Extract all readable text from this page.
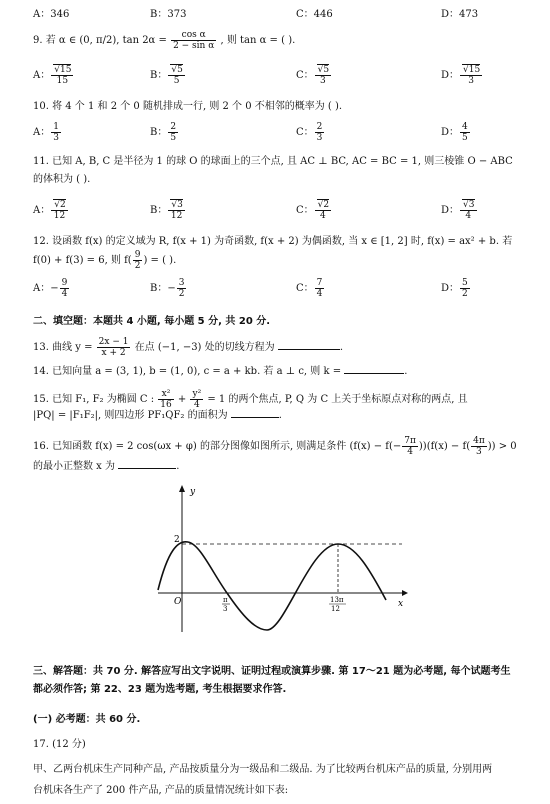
A：346	B：373	C：446	D：473
9. 若 α ∈ (0, π/2), $\tan 2\alpha = \frac{\text{cos α}}{\text{2 − sin α}}$ , 则 tan α = ( ).
A： $\frac{√15}{15}$	B： $\frac{√5}{5}$	C： $\frac{√5}{3}$	D： $\frac{√15}{3}$
10. 将 4 个 1 和 2 个 0 随机排成一行, 则 2 个 0 不相邻的概率为 ( ).
A： $\frac{1}{3}$	B： $\frac{2}{5}$	C： $\frac{2}{3}$	D： $\frac{4}{5}$
11. 已知 A, B, C 是半径为 1 的球 O 的球面上的三个点, 且 AC ⊥ BC, AC = BC = 1, 则三棱锥 O − ABC
的体积为 ( ).
A： $\frac{√2}{12}$	B： $\frac{√3}{12}$	C： $\frac{√2}{4}$	D： $\frac{√3}{4}$
12. 设函数 f(x) 的定义域为 R, f(x + 1) 为奇函数, f(x + 2) 为偶函数, 当 x ∈ [1, 2] 时, f(x) = ax² + b. 若
f(0) + f(3) = 6, 则 $f( \frac{9}{2}$ ) = ( ).
A：− $\frac{9}{4}$	B：− $\frac{3}{2}$	C： $\frac{7}{4}$	D： $\frac{5}{2}$
二、填空题：本题共 4 小题, 每小题 5 分, 共 20 分.
13. 曲线 $y = \frac{2x - 1}{x + 2}$ 在点 (−1, −3) 处的切线方程为	.
14. 已知向量 a = (3, 1), b = (1, 0), c = a + kb. 若 a ⊥ c, 则 k =	.
15. 已知 F₁, F₂ 为椭圆 C : $\frac{\text{x²}}{16} + \frac{\text{y²}}{4} = 1$ 的两个焦点, P, Q 为 C 上关于坐标原点对称的两点, 且
|PQ| = |F₁F₂|, 则四边形 PF₁QF₂ 的面积为	.
16. 已知函数 f(x) = 2 cos(ωx + φ) 的部分图像如图所示, 则满足条件 $(f(x) - f(- \frac{7\pi}{4} ))(f(x) - f( \frac{4\pi}{3}$ )) > 0
的最小正整数 x 为	.
y
x
O
2
π
3
13π
12
三、解答题：共 70 分. 解答应写出文字说明、证明过程或演算步骤. 第 17～21 题为必考题, 每个试题考生
都必须作答; 第 22、23 题为选考题, 考生根据要求作答.
(一) 必考题：共 60 分.
17. (12 分)
甲、乙两台机床生产同种产品, 产品按质量分为一级品和二级品. 为了比较两台机床产品的质量, 分别用两
台机床各生产了 200 件产品, 产品的质量情况统计如下表:
